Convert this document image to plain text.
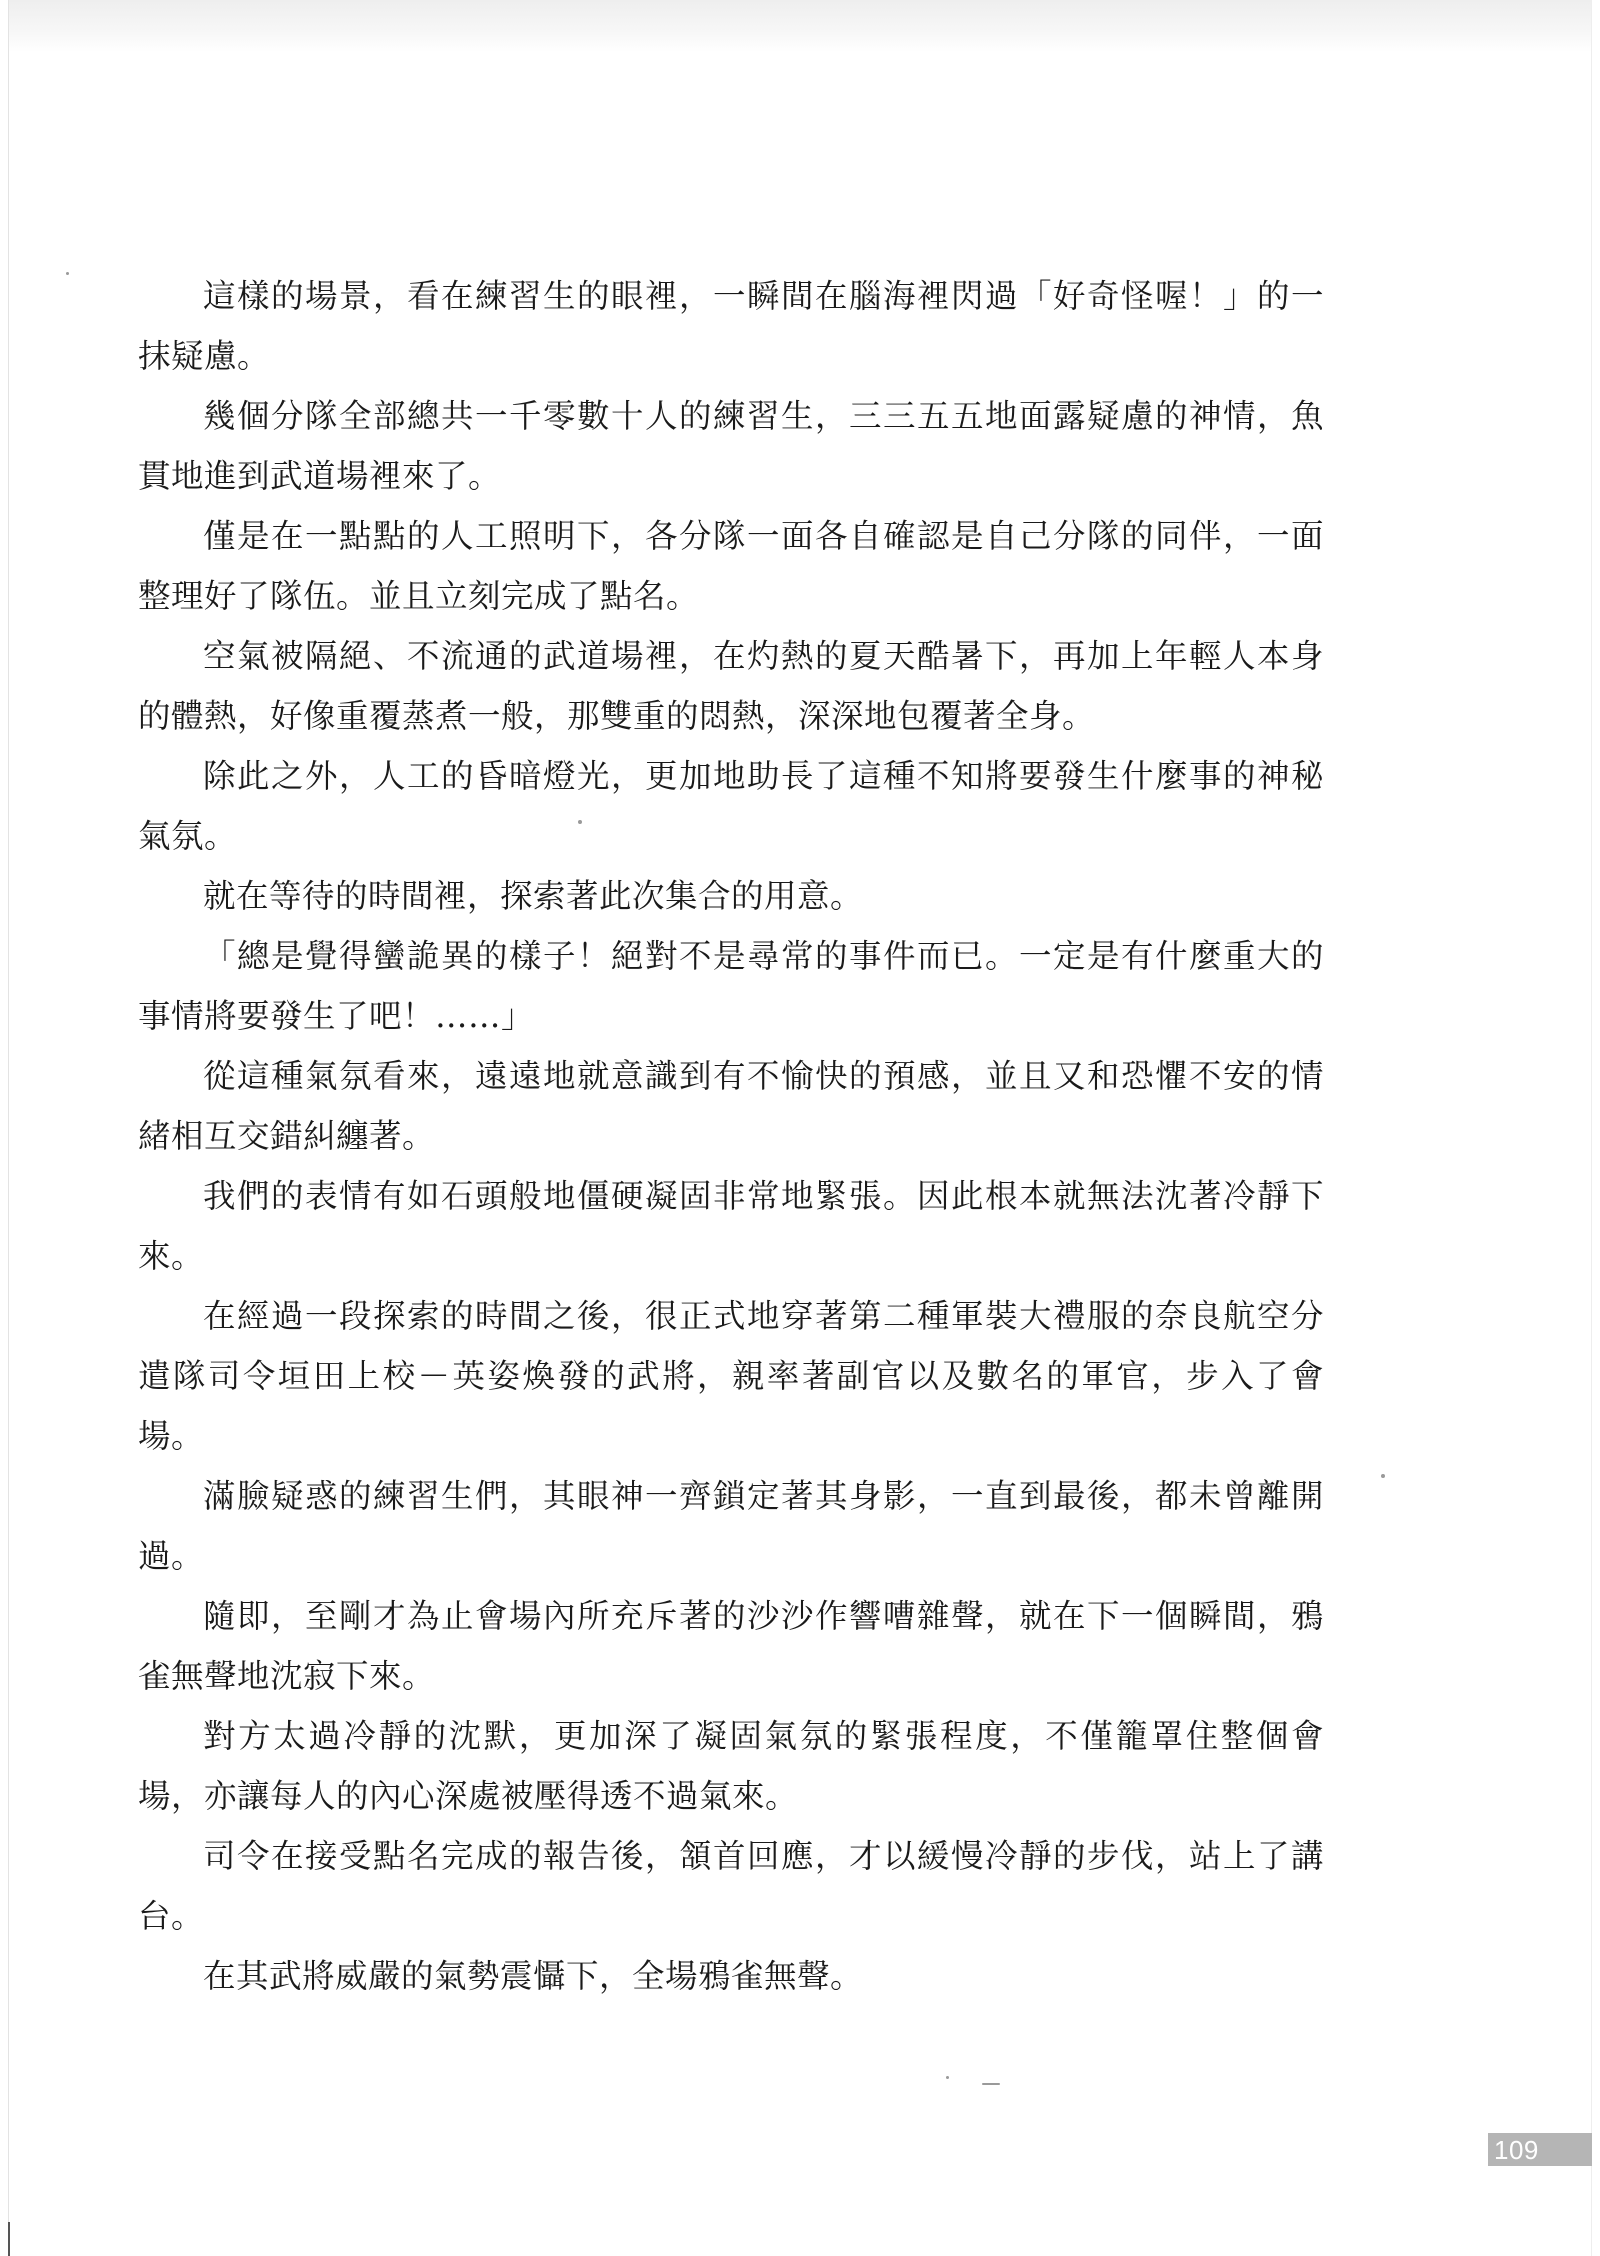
這樣的場景，看在練習生的眼裡，一瞬間在腦海裡閃過「好奇怪喔！」的一抹疑慮。

幾個分隊全部總共一千零數十人的練習生，三三五五地面露疑慮的神情，魚貫地進到武道場裡來了。

僅是在一點點的人工照明下，各分隊一面各自確認是自己分隊的同伴，一面整理好了隊伍。並且立刻完成了點名。

空氣被隔絕、不流通的武道場裡，在灼熱的夏天酷暑下，再加上年輕人本身的體熱，好像重覆蒸煮一般，那雙重的悶熱，深深地包覆著全身。

除此之外，人工的昏暗燈光，更加地助長了這種不知將要發生什麼事的神秘氣氛。

就在等待的時間裡，探索著此次集合的用意。

「總是覺得蠻詭異的樣子！絕對不是尋常的事件而已。一定是有什麼重大的事情將要發生了吧！……」

從這種氣氛看來，遠遠地就意識到有不愉快的預感，並且又和恐懼不安的情緒相互交錯糾纏著。

我們的表情有如石頭般地僵硬凝固非常地緊張。因此根本就無法沈著冷靜下來。

在經過一段探索的時間之後，很正式地穿著第二種軍裝大禮服的奈良航空分遣隊司令垣田上校－英姿煥發的武將，親率著副官以及數名的軍官，步入了會場。

滿臉疑惑的練習生們，其眼神一齊鎖定著其身影，一直到最後，都未曾離開過。

隨即，至剛才為止會場內所充斥著的沙沙作響嘈雜聲，就在下一個瞬間，鴉雀無聲地沈寂下來。

對方太過冷靜的沈默，更加深了凝固氣氛的緊張程度，不僅籠罩住整個會場，亦讓每人的內心深處被壓得透不過氣來。

司令在接受點名完成的報告後，頷首回應，才以緩慢冷靜的步伐，站上了講台。

在其武將威嚴的氣勢震懾下，全場鴉雀無聲。

109
